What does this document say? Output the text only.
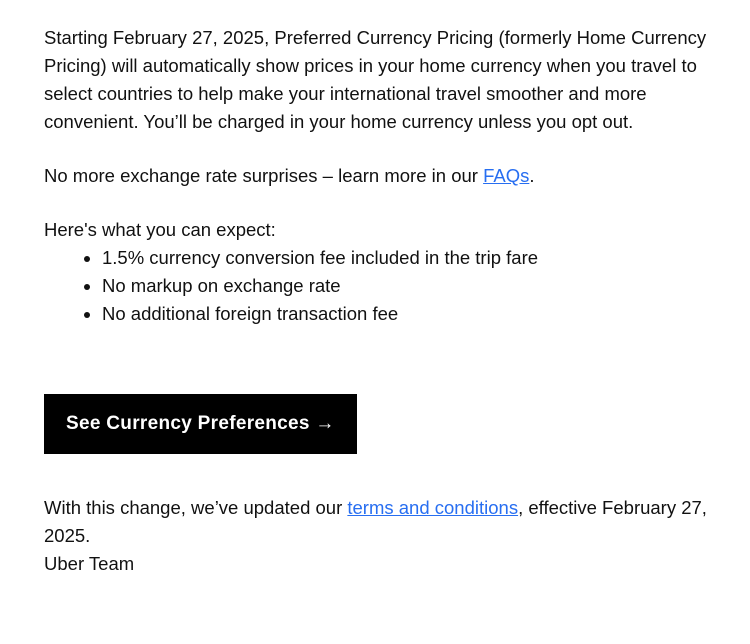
Starting February 27, 2025, Preferred Currency Pricing (formerly Home Currency Pricing) will automatically show prices in your home currency when you travel to select countries to help make your international travel smoother and more convenient. You’ll be charged in your home currency unless you opt out.

No more exchange rate surprises – learn more in our FAQs.

Here's what you can expect:

• 1.5% currency conversion fee included in the trip fare
• No markup on exchange rate
• No additional foreign transaction fee
See Currency Preferences →

With this change, we’ve updated our terms and conditions, effective February 27, 2025.

Uber Team
